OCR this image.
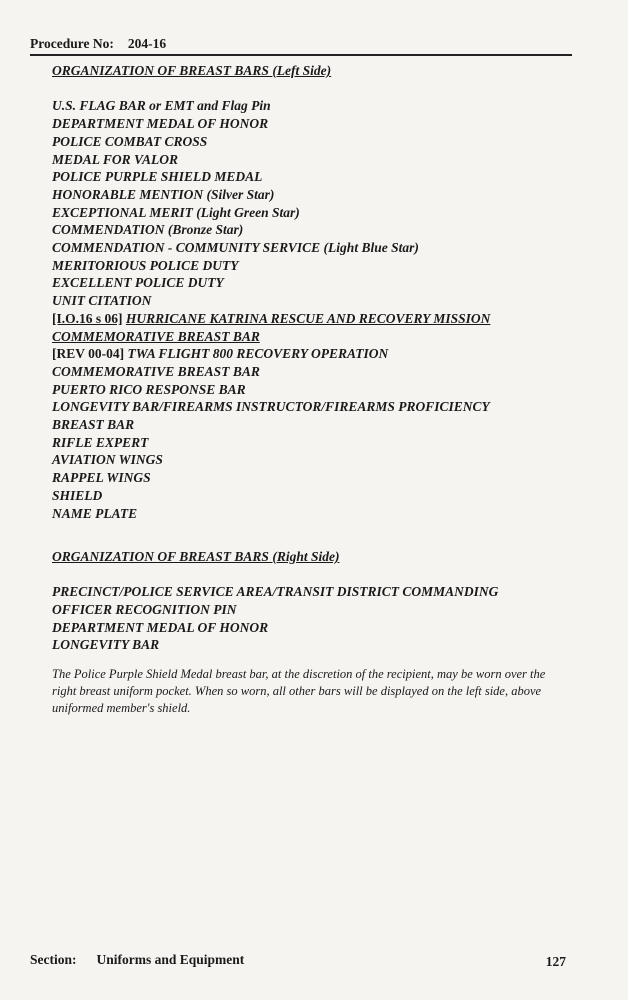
Procedure No: 204-16
ORGANIZATION OF BREAST BARS (Left Side)
U.S. FLAG BAR or EMT and Flag Pin
DEPARTMENT MEDAL OF HONOR
POLICE COMBAT CROSS
MEDAL FOR VALOR
POLICE PURPLE SHIELD MEDAL
HONORABLE MENTION (Silver Star)
EXCEPTIONAL MERIT (Light Green Star)
COMMENDATION (Bronze Star)
COMMENDATION - COMMUNITY SERVICE (Light Blue Star)
MERITORIOUS POLICE DUTY
EXCELLENT POLICE DUTY
UNIT CITATION
[I.O.16 s 06] HURRICANE KATRINA RESCUE AND RECOVERY MISSION
COMMEMORATIVE BREAST BAR
[REV 00-04] TWA FLIGHT 800 RECOVERY OPERATION
COMMEMORATIVE BREAST BAR
PUERTO RICO RESPONSE BAR
LONGEVITY BAR/FIREARMS INSTRUCTOR/FIREARMS PROFICIENCY
BREAST BAR
RIFLE EXPERT
AVIATION WINGS
RAPPEL WINGS
SHIELD
NAME PLATE
ORGANIZATION OF BREAST BARS (Right Side)
PRECINCT/POLICE SERVICE AREA/TRANSIT DISTRICT COMMANDING
OFFICER RECOGNITION PIN
DEPARTMENT MEDAL OF HONOR
LONGEVITY BAR
The Police Purple Shield Medal breast bar, at the discretion of the recipient, may be worn over the right breast uniform pocket. When so worn, all other bars will be displayed on the left side, above uniformed member's shield.
Section: Uniforms and Equipment	127
